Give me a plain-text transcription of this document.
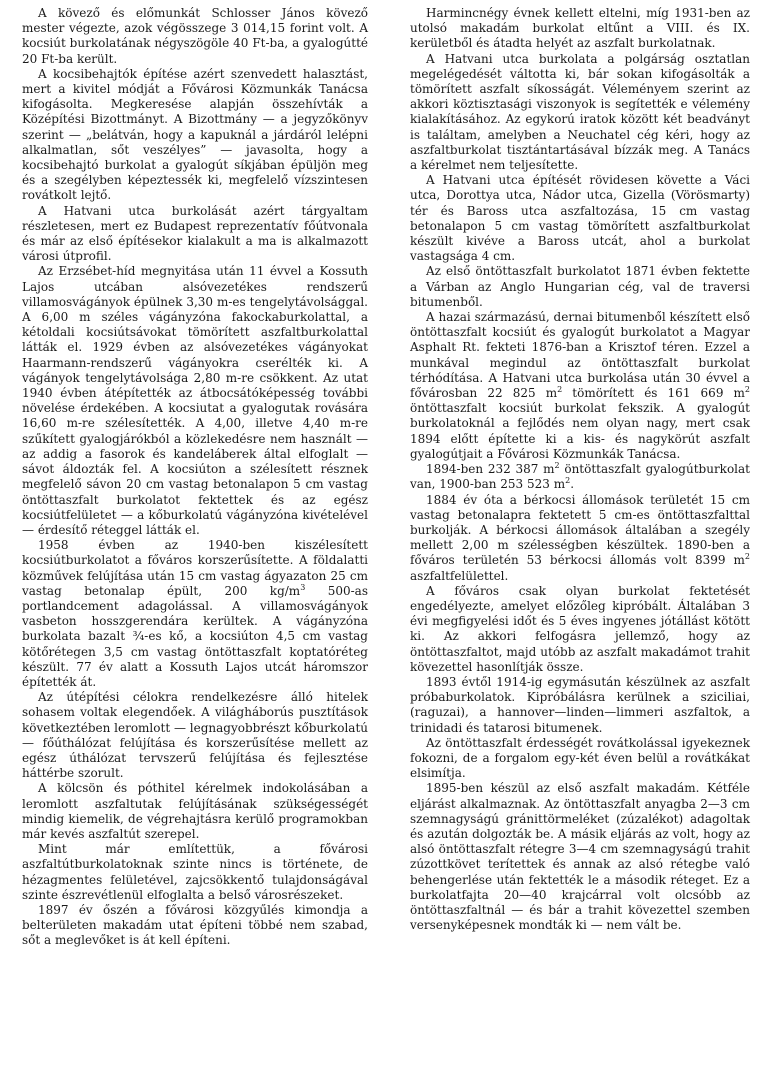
A kövező és előmunkát Schlosser János kövező mester végezte, azok végösszege 3 014,15 forint volt. A kocsiút burkolatának négyszögöle 40 Ft-ba, a gyalogútté 20 Ft-ba került.

A kocsibehajtók építése azért szenvedett halasztást, mert a kivitel módját a Fővárosi Közmunkák Tanácsa kifogásolta. Megkeresése alapján összehívták a Középítési Bizottmányt. A Bizottmány — a jegyzőkönyv szerint — „belátván, hogy a kapuknál a járdáról lelépni alkalmatlan, sőt veszélyes” — javasolta, hogy a kocsibehajtó burkolat a gyalogút síkjában épüljön meg és a szegélyben képeztessék ki, megfelelő vízszintesen rovátkolt lejtő.

A Hatvani utca burkolását azért tárgyaltam részletesen, mert ez Budapest reprezentatív főútvonala és már az első építésekor kialakult a ma is alkalmazott városi útprofil.

Az Erzsébet-híd megnyitása után 11 évvel a Kossuth Lajos utcában alsóvezetékes rendszerű villamosvágányok épülnek 3,30 m-es tengelytávolsággal. A 6,00 m széles vágányzóna fakockaburkolattal, a kétoldali kocsiútsávokat tömörített aszfaltburkolattal látták el. 1929 évben az alsóvezetékes vágányokat Haarmann-rendszerű vágányokra cserélték ki. A vágányok tengelytávolsága 2,80 m-re csökkent. Az utat 1940 évben átépítették az átbocsátóképesség további növelése érdekében. A kocsiutat a gyalogutak rovására 16,60 m-re szélesítették. A 4,00, illetve 4,40 m-re szűkített gyalogjárókból a közlekedésre nem használt — az addig a fasorok és kandeláberek által elfoglalt — sávot áldozták fel. A kocsiúton a szélesített résznek megfelelő sávon 20 cm vastag betonalapon 5 cm vastag öntöttaszfalt burkolatot fektettek és az egész kocsiútfelületet — a kőburkolatú vágányzóna kivételével — érdesítő réteggel látták el.

1958 évben az 1940-ben kiszélesített kocsiútburkolatot a főváros korszerűsítette. A földalatti közművek felújítása után 15 cm vastag ágyazaton 25 cm vastag betonalap épült, 200 $kg/m^3$ 500-as portlandcement adagolással. A villamosvágányok vasbeton hosszgerendára kerültek. A vágányzóna burkolata bazalt ¾-es kő, a kocsiúton 4,5 cm vastag kötőrétegen 3,5 cm vastag öntöttaszfalt koptatóréteg készült. 77 év alatt a Kossuth Lajos utcát háromszor építették át.

Az útépítési célokra rendelkezésre álló hitelek sohasem voltak elegendőek. A világháborús pusztítások következtében leromlott — legnagyobbrészt kőburkolatú — főúthálózat felújítása és korszerűsítése mellett az egész úthálózat tervszerű felújítása és fejlesztése háttérbe szorult.

A kölcsön és póthitel kérelmek indokolásában a leromlott aszfaltutak felújításának szükségességét mindig kiemelik, de végrehajtásra kerülő programokban már kevés aszfaltút szerepel.

Mint már említettük, a fővárosi aszfaltútburkolatoknak szinte nincs is története, de hézagmentes felületével, zajcsökkentő tulajdonságával szinte észrevétlenül elfoglalta a belső városrészeket.

1897 év őszén a fővárosi közgyűlés kimondja a belterületen makadám utat építeni többé nem szabad, sőt a meglevőket is át kell építeni.

Harmincnégy évnek kellett eltelni, míg 1931-ben az utolsó makadám burkolat eltűnt a VIII. és IX. kerületből és átadta helyét az aszfalt burkolatnak.

A Hatvani utca burkolata a polgárság osztatlan megelégedését váltotta ki, bár sokan kifogásolták a tömörített aszfalt síkosságát. Véleményem szerint az akkori köztisztasági viszonyok is segítették e vélemény kialakításához. Az egykorú iratok között két beadványt is találtam, amelyben a Neuchatel cég kéri, hogy az aszfaltburkolat tisztántartásával bízzák meg. A Tanács a kérelmet nem teljesítette.

A Hatvani utca építését rövidesen követte a Váci utca, Dorottya utca, Nádor utca, Gizella (Vörösmarty) tér és Baross utca aszfaltozása, 15 cm vastag betonalapon 5 cm vastag tömörített aszfaltburkolat készült kivéve a Baross utcát, ahol a burkolat vastagsága 4 cm.

Az első öntöttaszfalt burkolatot 1871 évben fektette a Várban az Anglo Hungarian cég, val de traversi bitumenből.

A hazai származású, dernai bitumenből készített első öntöttaszfalt kocsiút és gyalogút burkolatot a Magyar Asphalt Rt. fekteti 1876-ban a Krisztof téren. Ezzel a munkával megindul az öntöttaszfalt burkolat térhódítása. A Hatvani utca burkolása után 30 évvel a fővárosban 22 825 $m^2$ tömörített és 161 669 $m^2$ öntöttaszfalt kocsiút burkolat fekszik. A gyalogút burkolatoknál a fejlődés nem olyan nagy, mert csak 1894 előtt építette ki a kis- és nagykörút aszfalt gyalogútjait a Fővárosi Közmunkák Tanácsa.

1894-ben 232 387 $m^2$ öntöttaszfalt gyalogútburkolat van, 1900-ban 253 523 $m^2$.

1884 év óta a bérkocsi állomások területét 15 cm vastag betonalapra fektetett 5 cm-es öntöttaszfalttal burkolják. A bérkocsi állomások általában a szegély mellett 2,00 m szélességben készültek. 1890-ben a főváros területén 53 bérkocsi állomás volt 8399 $m^2$ aszfaltfelülettel.

A főváros csak olyan burkolat fektetését engedélyezte, amelyet előzőleg kipróbált. Általában 3 évi megfigyelési időt és 5 éves ingyenes jótállást kötött ki. Az akkori felfogásra jellemző, hogy az öntöttaszfaltot, majd utóbb az aszfalt makadámot trahit kövezettel hasonlítják össze.

1893 évtől 1914-ig egymásután készülnek az aszfalt próbaburkolatok. Kipróbálásra kerülnek a sziciliai, (raguzai), a hannover—linden—limmeri aszfaltok, a trinidadi és tatarosi bitumenek.

Az öntöttaszfalt érdességét rovátkolással igyekeznek fokozni, de a forgalom egy-két éven belül a rovátkákat elsimítja.

1895-ben készül az első aszfalt makadám. Kétféle eljárást alkalmaznak. Az öntöttaszfalt anyagba 2—3 cm szemnagyságú gránittörmeléket (zúzalékot) adagoltak és azután dolgozták be. A másik eljárás az volt, hogy az alsó öntöttaszfalt rétegre 3—4 cm szemnagyságú trahit zúzottkövet terítettek és annak az alsó rétegbe való behengerlése után fektették le a második réteget. Ez a burkolatfajta 20—40 krajcárral volt olcsóbb az öntöttaszfaltnál — és bár a trahit kövezettel szemben versenyképesnek mondták ki — nem vált be.
